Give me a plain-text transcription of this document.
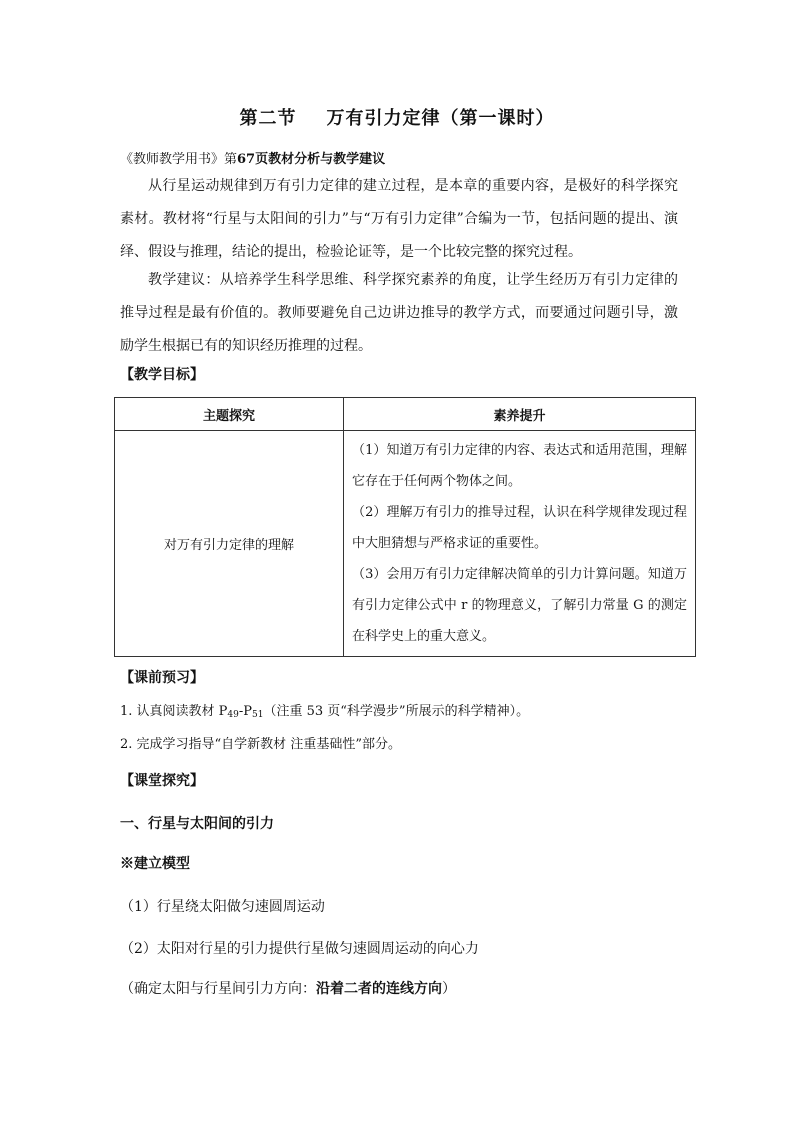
第二节 万有引力定律（第一课时）
《教师教学用书》第67页教材分析与教学建议
从行星运动规律到万有引力定律的建立过程，是本章的重要内容，是极好的科学探究素材。教材将“行星与太阳间的引力”与“万有引力定律”合编为一节，包括问题的提出、演绎、假设与推理，结论的提出，检验论证等，是一个比较完整的探究过程。
教学建议：从培养学生科学思维、科学探究素养的角度，让学生经历万有引力定律的推导过程是最有价值的。教师要避免自己边讲边推导的教学方式，而要通过问题引导，激励学生根据已有的知识经历推理的过程。
【教学目标】
主题探究	素养提升
对万有引力定律的理解	（1）知道万有引力定律的内容、表达式和适用范围，理解它存在于任何两个物体之间。
（2）理解万有引力的推导过程，认识在科学规律发现过程中大胆猜想与严格求证的重要性。
（3）会用万有引力定律解决简单的引力计算问题。知道万有引力定律公式中 r 的物理意义，了解引力常量 G 的测定在科学史上的重大意义。
【课前预习】
1. 认真阅读教材 $P_{49}-P_{51}$（注重 53 页“科学漫步”所展示的科学精神）。
2. 完成学习指导“自学新教材 注重基础性”部分。
【课堂探究】
一、行星与太阳间的引力
※建立模型
（1）行星绕太阳做匀速圆周运动
（2）太阳对行星的引力提供行星做匀速圆周运动的向心力
（确定太阳与行星间引力方向：沿着二者的连线方向）
